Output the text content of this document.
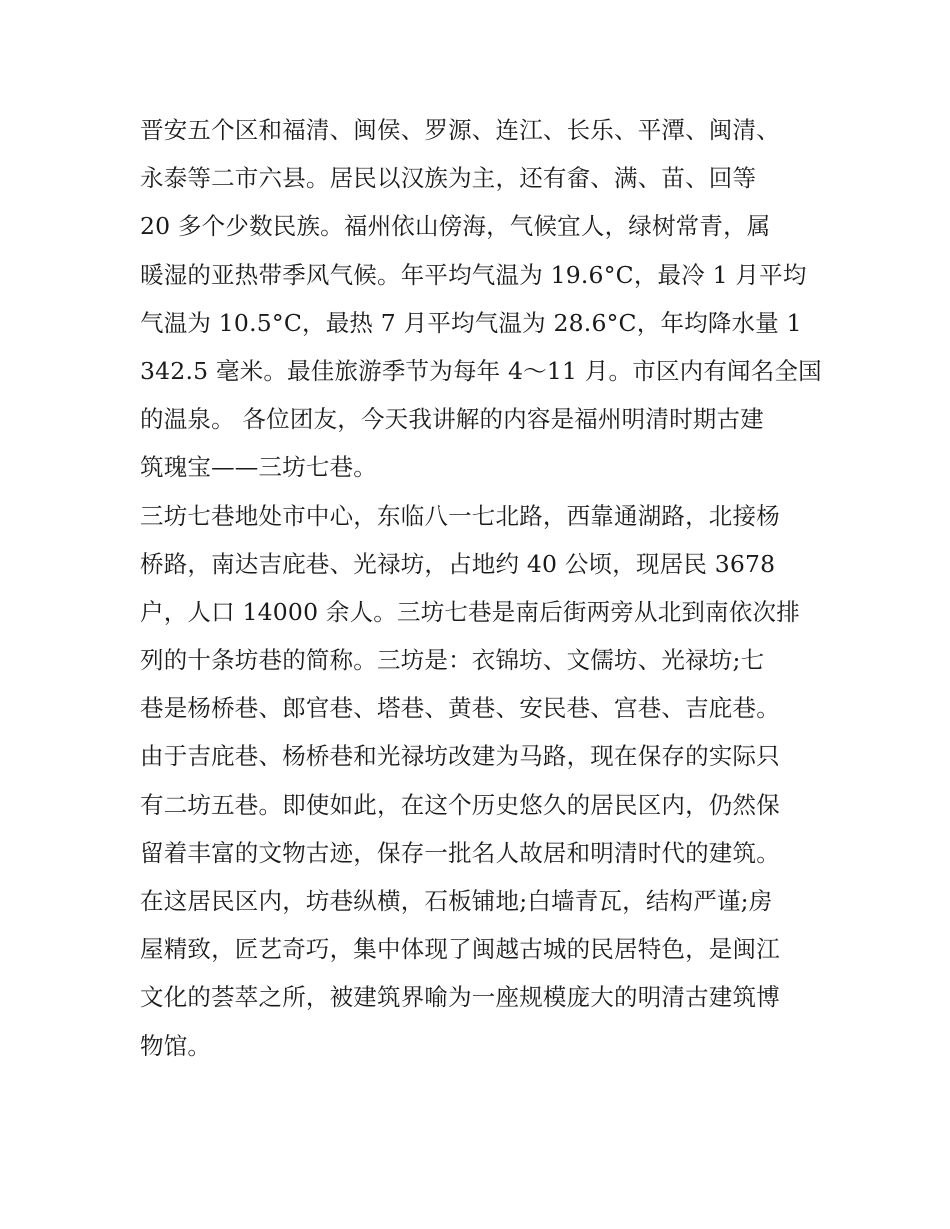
晋安五个区和福清、闽侯、罗源、连江、长乐、平潭、闽清、
永泰等二市六县。居民以汉族为主，还有畲、满、苗、回等
20 多个少数民族。福州依山傍海，气候宜人，绿树常青，属
暖湿的亚热带季风气候。年平均气温为 19.6°C，最冷 1 月平均
气温为 10.5°C，最热 7 月平均气温为 28.6°C，年均降水量 1
342.5 毫米。最佳旅游季节为每年 4～11 月。市区内有闻名全国
的温泉。 各位团友，今天我讲解的内容是福州明清时期古建
筑瑰宝——三坊七巷。
三坊七巷地处市中心，东临八一七北路，西靠通湖路，北接杨
桥路，南达吉庇巷、光禄坊，占地约 40 公顷，现居民 3678
户，人口 14000 余人。三坊七巷是南后街两旁从北到南依次排
列的十条坊巷的简称。三坊是：衣锦坊、文儒坊、光禄坊;七
巷是杨桥巷、郎官巷、塔巷、黄巷、安民巷、宫巷、吉庇巷。
由于吉庇巷、杨桥巷和光禄坊改建为马路，现在保存的实际只
有二坊五巷。即使如此，在这个历史悠久的居民区内，仍然保
留着丰富的文物古迹，保存一批名人故居和明清时代的建筑。
在这居民区内，坊巷纵横，石板铺地;白墙青瓦，结构严谨;房
屋精致，匠艺奇巧，集中体现了闽越古城的民居特色，是闽江
文化的荟萃之所，被建筑界喻为一座规模庞大的明清古建筑博
物馆。
